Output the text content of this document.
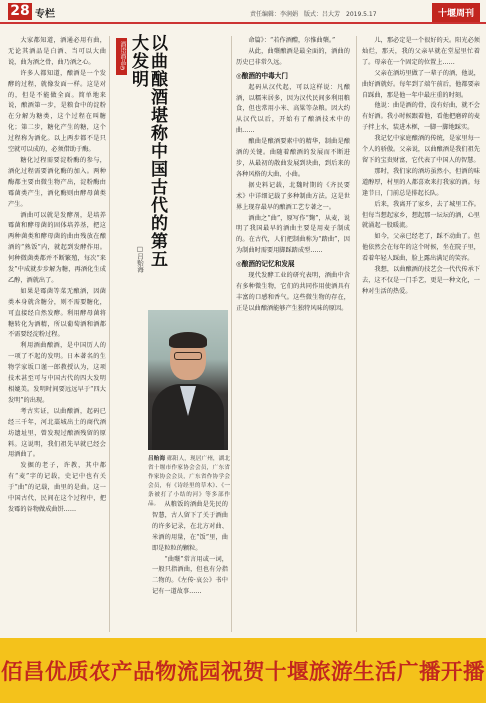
28 专栏	责任编辑：李润娟　版式：吕大芳　2019.5.17	十堰周刊

大家都知道，酒通必用有曲，无论其酒品是白酒、当可以大曲说，曲为酒之骨，曲乃酒之心。

许多人都知道，酿酒是一个发酵的过程，就像发面一样。这是对的，但是不能做全面。简单地来说，酿酒第一步，是粮食中的淀粉在分解为糖类，这个过程在叫糖化；第二步，糖化产生的糖，这个过程称为酒化。以上两步都不是只空就可以成的，必须借助于酶。

糖化过程需要淀粉酶的参与，酒化过程需要酒化酶的加入。两种酶都主要由微生物产出，淀粉酶由霉菌类产生，酒化酶则由酵母菌类产生。

酒曲可以就是发酵剂，是培养霉菌和酵母菌的固体培养基，把这两种菌类和酵母菌的曲由残放在酿酒的“熟饭”内，就起到发酵作用。何种微菌类都并不断繁殖，每次“来发”中成就步步解为糖，再酒化生成乙醇，酒就出了。

如果是霉菌等菜无酿酒，因菌类本身就含糖分，则不需要糖化，可直接经自然发酵。利用酵母菌将糖转化为酒精，所以葡萄酒和酒都不需要经淀粉过程。

利用酒曲酿酒，是中国历人的一项了不起的发明。日本著名的生物学家坂口谨一郎教授认为，这项技术甚至可与中国古代的四大发明相媲美。发明时间要远远早于“四大发明”的出现。

考古实证，以曲酿酒，起码已经三千年，河北藁城出土的商代酒坊遗址里，曾发现过酿酒残留的原料。这说明，我们祖先早就已经会用酒曲了。

发掘的老子，许教，其中都有“麦”字的记载，史记中也有关于“曲”的记载，曲里的是曲。这一中国古代，民间在这个过程中，把发霉的谷物做成曲饼……

酒语酒品③	以曲酿酒堪称中国古代的第五大发明
□吕贻海
吕贻海 郧阳人，现居广州，湖北省十堰市作家协会会员，广东省作家协会会员，广东省作协学会会员，有《诗经里的草木》、《一条被打了小结的河》等多部作品。 从粮饭的酒曲是先民的智慧，古人留下了关于酒曲的许多记录，在北方对曲、米酒的用量，在“饭”里，曲即是粒粒的颗粒。

“曲蘖”常言用或一词，一般只指酒曲，但也有分指二物的。《左传·哀公》书中记有一道故事……

命篇》：“若作酒醴，尔惟曲蘖。”

从此，曲蘖酿酒是最全面的，酒曲的历史已非常久远。

◎酿酒的中毒大门

起码从汉代起，可以这样说：凡酿酒，以糯米居多，因为汉代民间多利用粮食，但也常用小米、高粱等杂粮。因大约从汉代以后，开始有了酿酒技术中的曲……

酿曲是酿酒要素中的精华，制曲是酿酒的关键。曲随着酿酒的发展而不断进步，从最初的散曲发展到块曲，到后来的各种风格的大曲、小曲。

据史料记载，北魏时期的《齐民要术》中详细记载了多种制曲方法。这是世界上现存最早的酿酒工艺专著之一。

酒曲之“曲”，原写作“麴”，从麦，说明了我国最早的酒曲主要是用麦子制成的。在古代，人们把制曲称为“踏曲”，因为制曲时需要用脚踩踏成型……

◎酿酒的记忆和发展

现代发酵工业的研究表明，酒曲中含有多种微生物，它们的共同作用使酒具有丰富的口感和香气。这些微生物的存在，正是以曲酿酒能够产生独特风味的原因。

儿，那必定是一个很好的天。阳光必须灿烂，那天，我的父亲早就在堂屋里忙着了。母亲在一个固定的位置上……

父亲在酒坊里做了一辈子的酒，他说，曲好酒就好。每年到了端午前后，他都要亲自踩曲，那是他一年中最庄重的时刻。

他说：曲是酒的骨，没有好曲，就不会有好酒。我小时候跟着他，看他把磨碎的麦子拌上水，装进木框，一脚一脚地踩实。

我记忆中家庭酿酒的传统，是家里每一个人的骄傲。父亲说，以曲酿酒是我们祖先留下的宝贵财富，它代表了中国人的智慧。

那时，我们家的酒坊虽然小，但酒的味道醇厚，村里的人都喜欢来打我家的酒。每逢节日，门前总是排起长队。

后来，我离开了家乡，去了城里工作。但每当想起家乡，想起那一坛坛的酒，心里就涌起一股暖流。

如今，父亲已经老了，踩不动曲了。但他依然会在每年的这个时候，坐在院子里，看着年轻人踩曲，脸上露出满足的笑容。

我想，以曲酿酒的技艺会一代代传承下去，这不仅是一门手艺，更是一种文化，一种对生活的热爱。

佰昌优质农产品物流园祝贺十堰旅游生活广播开播
